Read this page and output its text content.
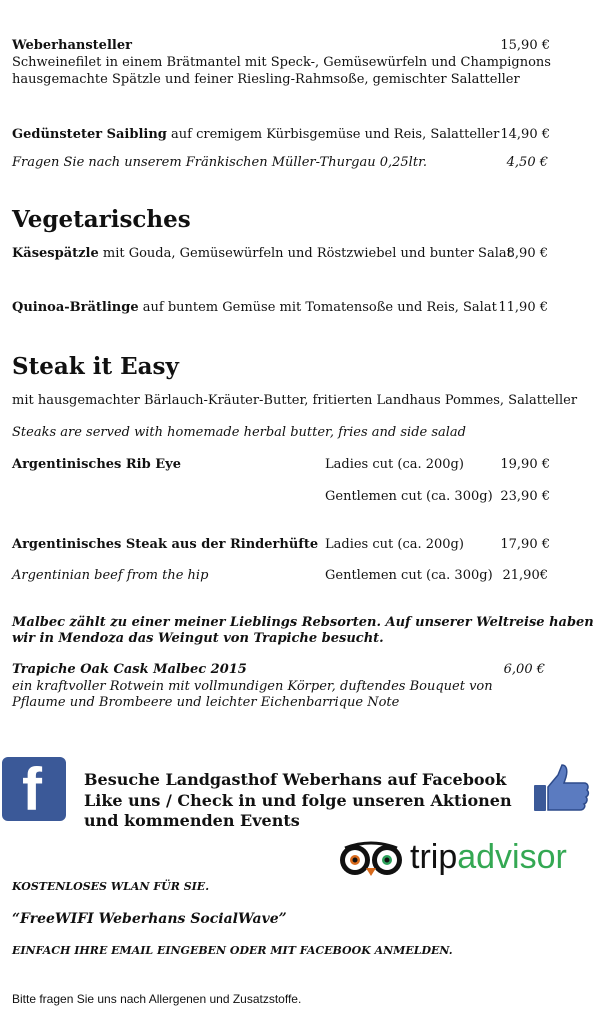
Weberhansteller	15,90 €
Schweinefilet in einem Brätmantel mit Speck-, Gemüsewürfeln und Champignons
hausgemachte Spätzle und feiner Riesling-Rahmsoße, gemischter Salatteller
Gedünsteter Saibling auf cremigem Kürbisgemüse und Reis, Salatteller 14,90 €
Fragen Sie nach unserem Fränkischen Müller-Thurgau 0,25ltr.	4,50 €
Vegetarisches
Käsespätzle mit Gouda, Gemüsewürfeln und Röstzwiebel und bunter Salat
8,90 €
Quinoa-Brätlinge auf buntem Gemüse mit Tomatensoße und Reis, Salat 11,90 €
Steak it Easy
mit hausgemachter Bärlauch-Kräuter-Butter, fritierten Landhaus Pommes, Salatteller
Steaks are served with homemade herbal butter, fries and side salad
Argentinisches Rib Eye	Ladies cut (ca. 200g)	19,90 €
Gentlemen cut (ca. 300g) 23,90 €
Argentinisches Steak aus der Rinderhüfte Ladies cut (ca. 200g)	17,90 €
Argentinian beef from the hip	Gentlemen cut (ca. 300g) 21,90€
Malbec zählt zu einer meiner Lieblings Rebsorten. Auf unserer Weltreise haben
wir in Mendoza das Weingut von Trapiche besucht.
Trapiche Oak Cask Malbec 2015	6,00 €
ein kraftvoller Rotwein mit vollmundigen Körper, duftendes Bouquet von
Pflaume und Brombeere und leichter Eichenbarrique Note
f	Besuche Landgasthof Weberhans auf Facebook
Like uns / Check in und folge unseren Aktionen
und kommenden Events
tripadvisor
KOSTENLOSES WLAN FÜR SIE.
“FreeWIFI Weberhans SocialWave”
EINFACH IHRE EMAIL EINGEBEN ODER MIT FACEBOOK ANMELDEN.
Bitte fragen Sie uns nach Allergenen und Zusatzstoffe.
